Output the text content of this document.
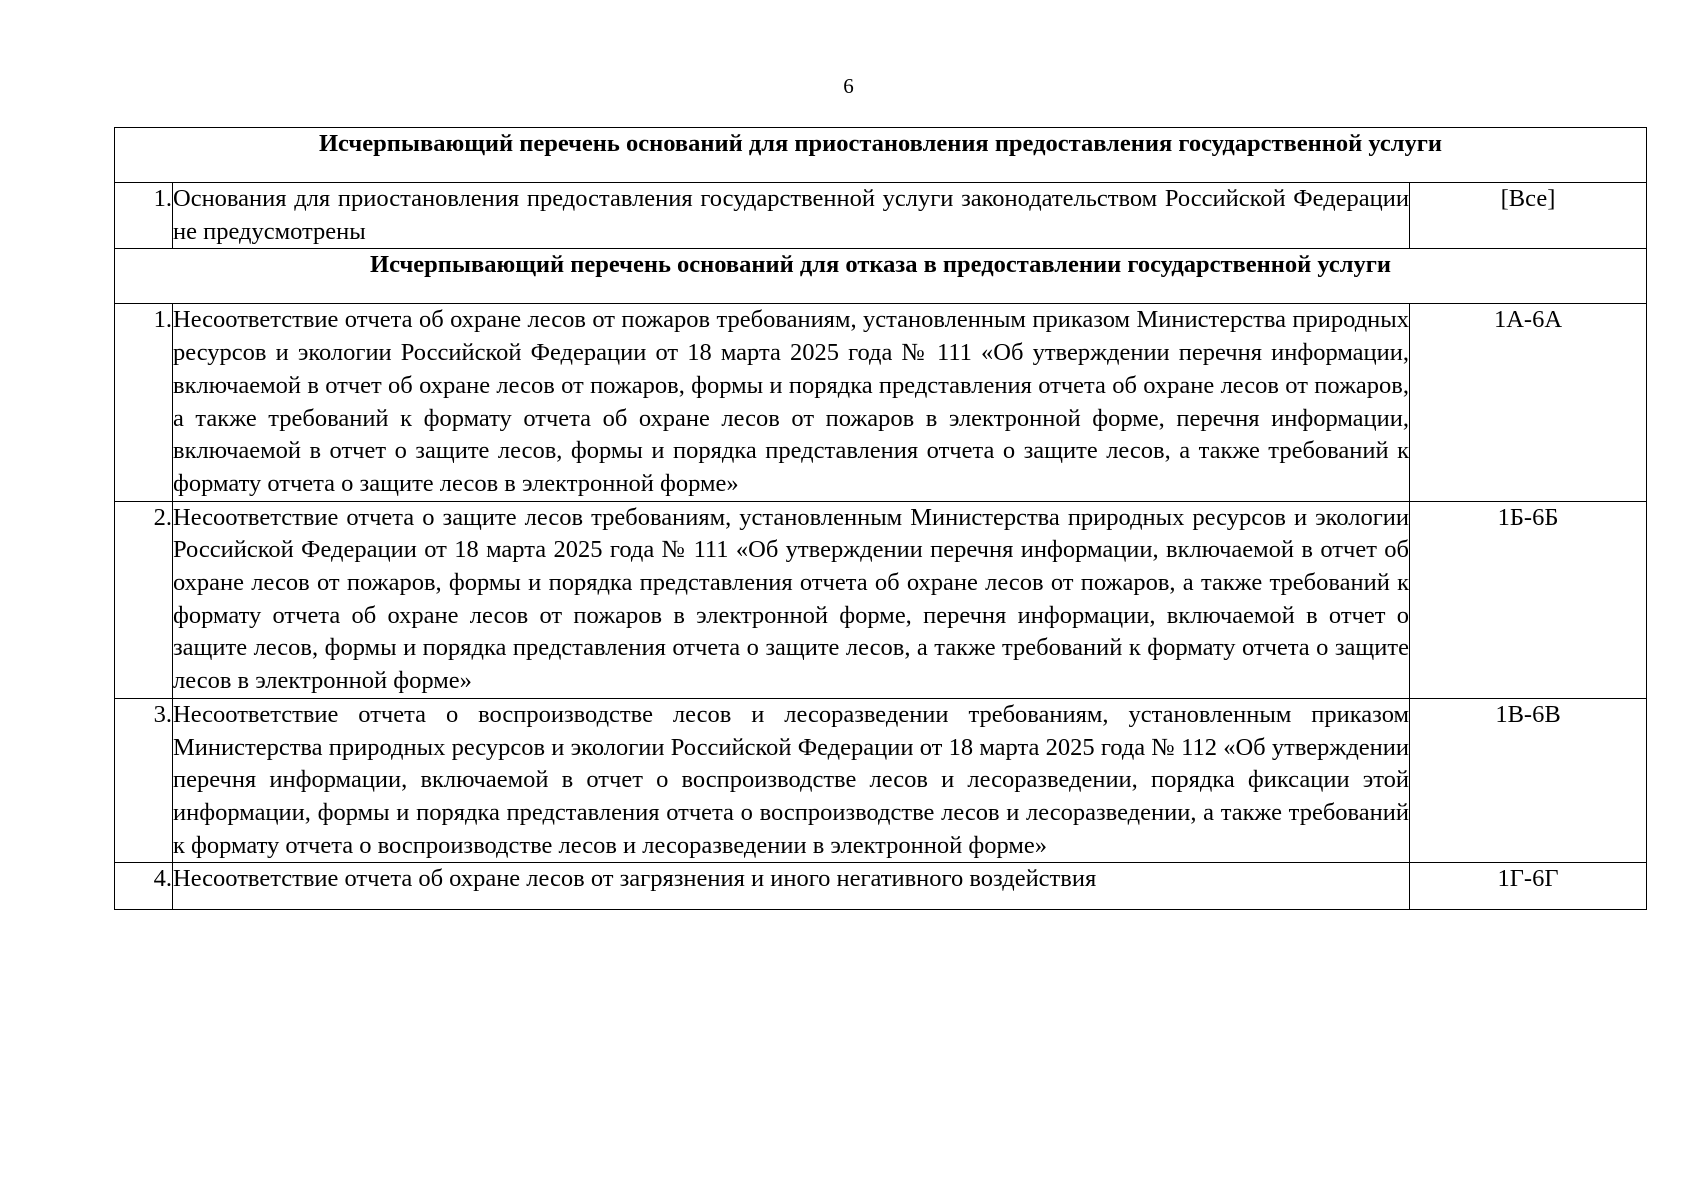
6
Исчерпывающий перечень оснований для приостановления предоставления государственной услуги		
1.	Основания для приостановления предоставления государственной услуги законодательством Российской Федерации не предусмотрены	[Все]
Исчерпывающий перечень оснований для отказа в предоставлении государственной услуги		
1.	Несоответствие отчета об охране лесов от пожаров требованиям, установленным приказом Министерства природных ресурсов и экологии Российской Федерации от 18 марта 2025 года № 111 «Об утверждении перечня информации, включаемой в отчет об охране лесов от пожаров, формы и порядка представления отчета об охране лесов от пожаров, а также требований к формату отчета об охране лесов от пожаров в электронной форме, перечня информации, включаемой в отчет о защите лесов, формы и порядка представления отчета о защите лесов, а также требований к формату отчета о защите лесов в электронной форме»	1А-6А
2.	Несоответствие отчета о защите лесов требованиям, установленным Министерства природных ресурсов и экологии Российской Федерации от 18 марта 2025 года № 111 «Об утверждении перечня информации, включаемой в отчет об охране лесов от пожаров, формы и порядка представления отчета об охране лесов от пожаров, а также требований к формату отчета об охране лесов от пожаров в электронной форме, перечня информации, включаемой в отчет о защите лесов, формы и порядка представления отчета о защите лесов, а также требований к формату отчета о защите лесов в электронной форме»	1Б-6Б
3.	Несоответствие отчета о воспроизводстве лесов и лесоразведении требованиям, установленным приказом Министерства природных ресурсов и экологии Российской Федерации от 18 марта 2025 года № 112 «Об утверждении перечня информации, включаемой в отчет о воспроизводстве лесов и лесоразведении, порядка фиксации этой информации, формы и порядка представления отчета о воспроизводстве лесов и лесоразведении, а также требований к формату отчета о воспроизводстве лесов и лесоразведении в электронной форме»	1В-6В
4.	Несоответствие отчета об охране лесов от загрязнения и иного негативного воздействия	1Г-6Г
